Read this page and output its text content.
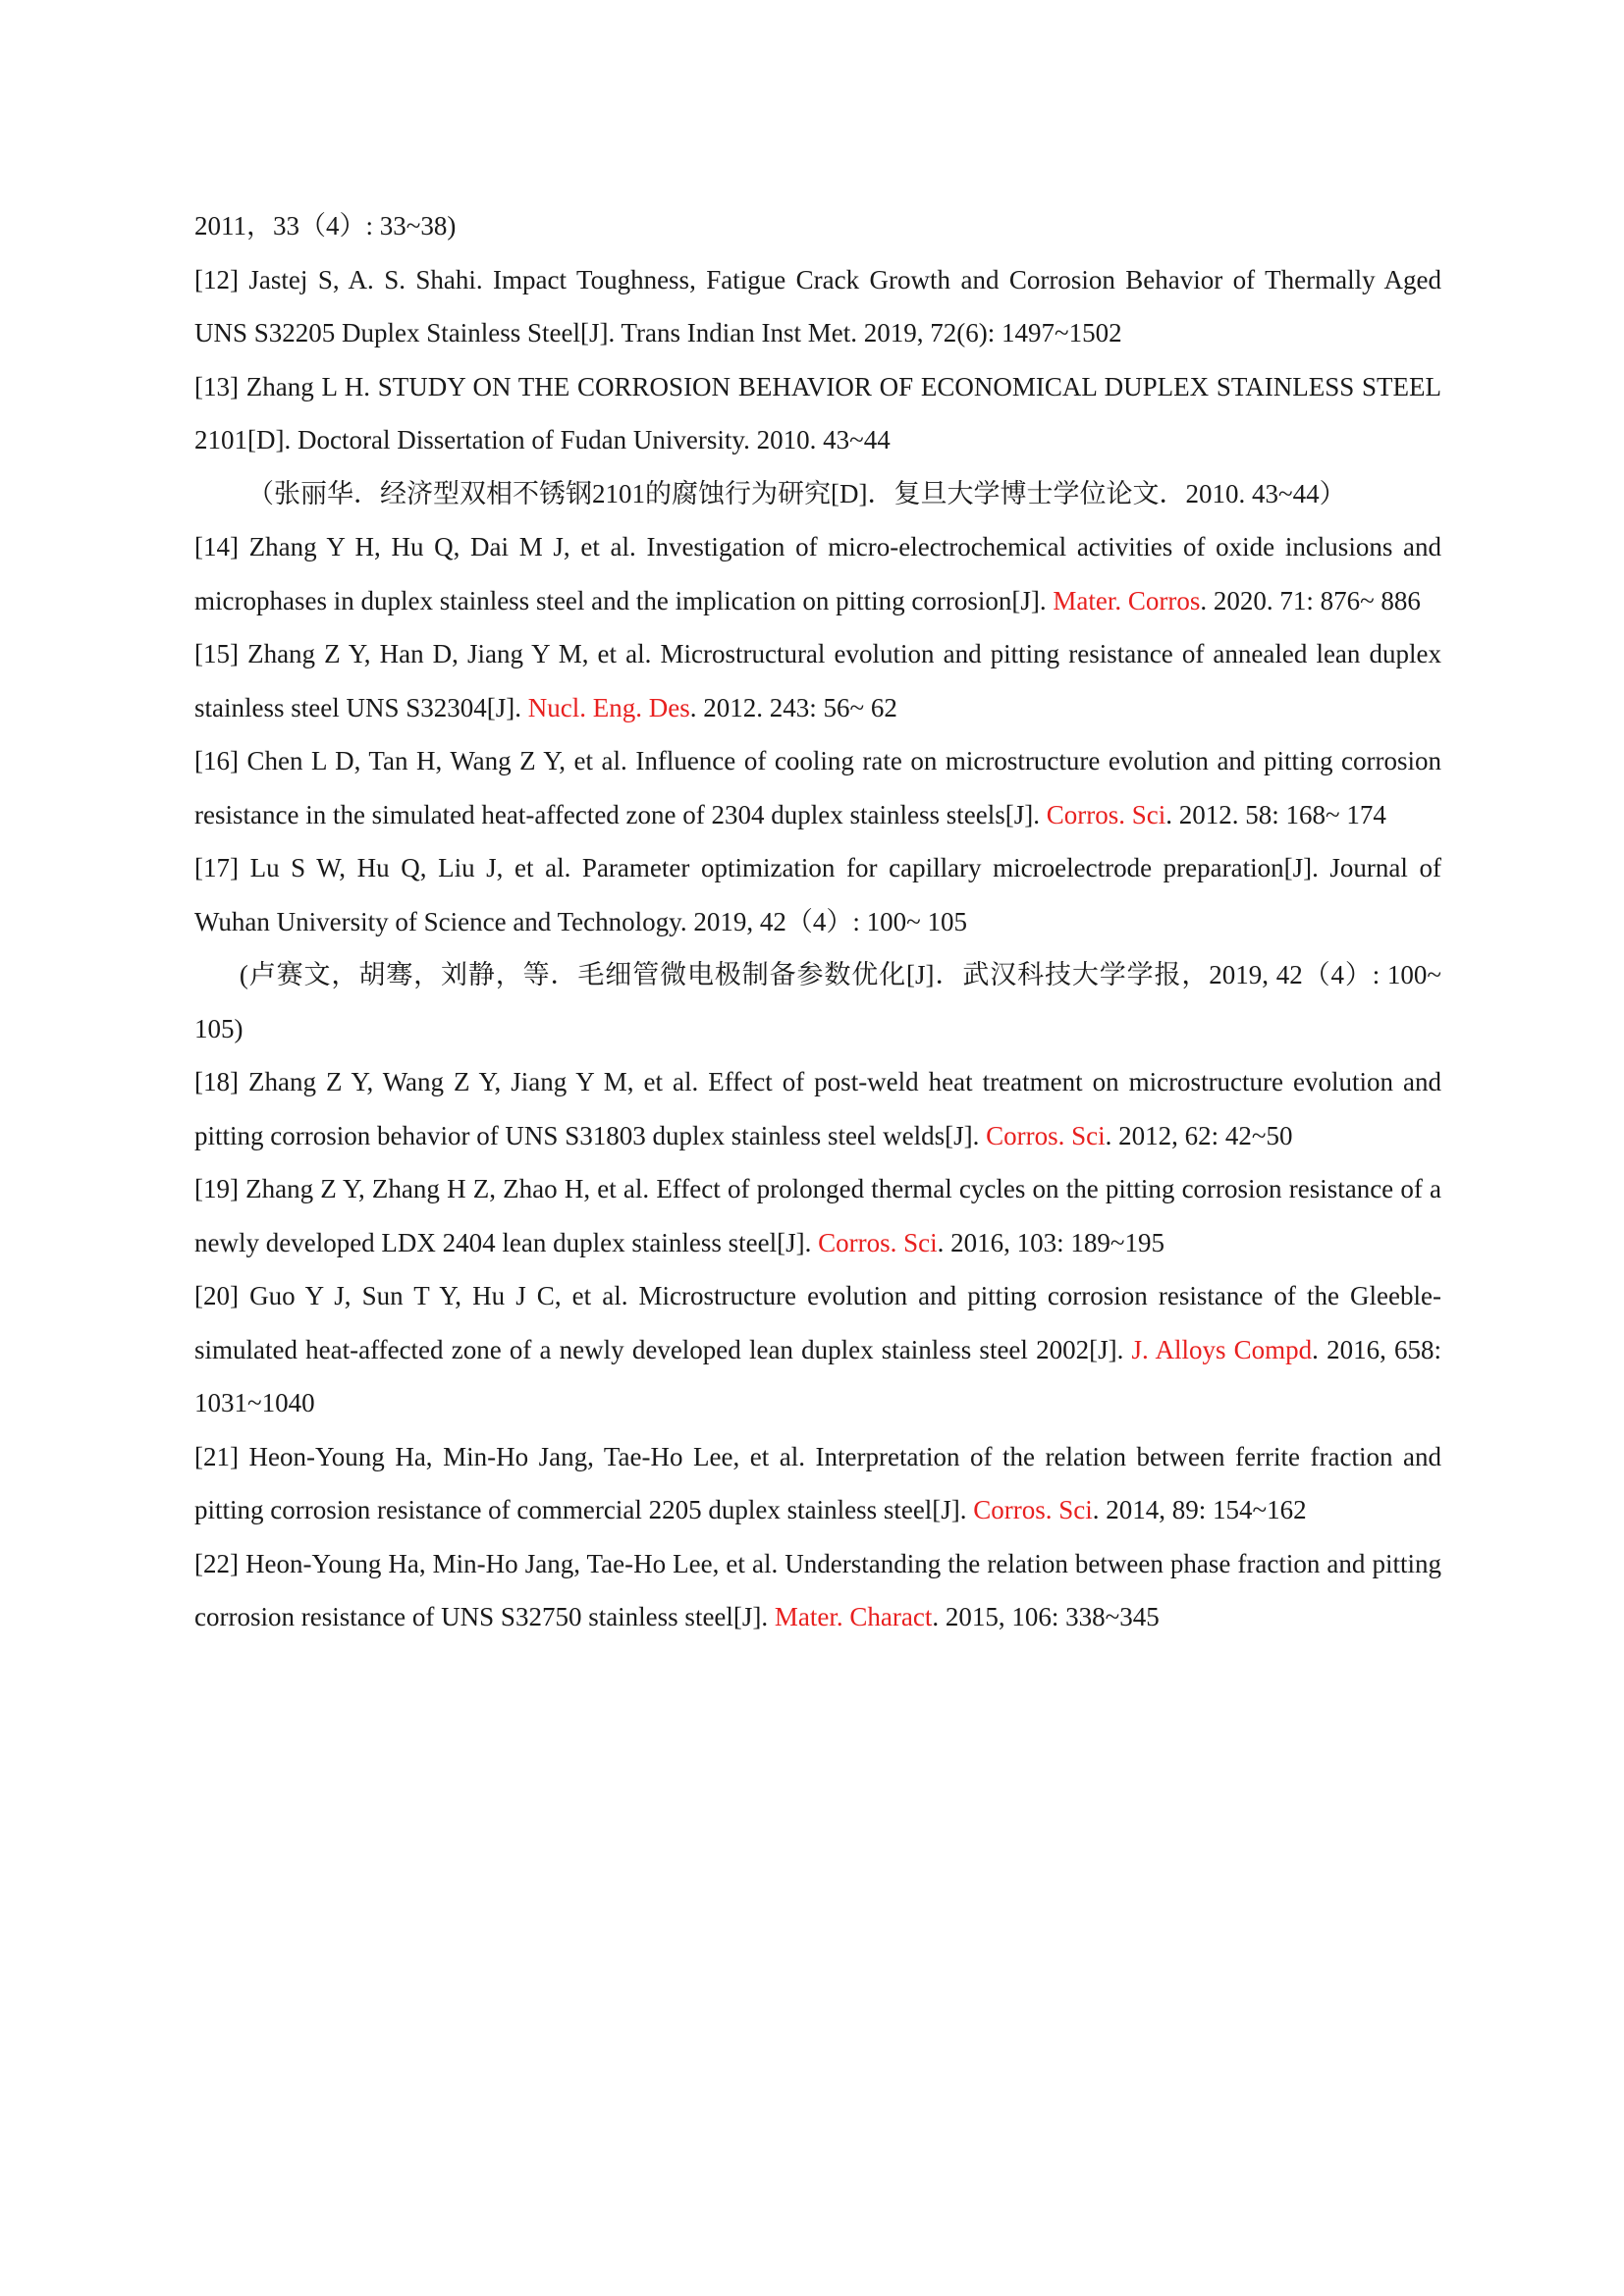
2011，33（4）: 33~38)

[12] Jastej S, A. S. Shahi. Impact Toughness, Fatigue Crack Growth and Corrosion Behavior of Thermally Aged UNS S32205 Duplex Stainless Steel[J]. Trans Indian Inst Met. 2019, 72(6): 1497~1502

[13] Zhang L H. STUDY ON THE CORROSION BEHAVIOR OF ECONOMICAL DUPLEX STAINLESS STEEL 2101[D]. Doctoral Dissertation of Fudan University. 2010. 43~44

（张丽华．经济型双相不锈钢2101的腐蚀行为研究[D]．复旦大学博士学位论文．2010. 43~44）

[14] Zhang Y H, Hu Q, Dai M J, et al. Investigation of micro‐electrochemical activities of oxide inclusions and microphases in duplex stainless steel and the implication on pitting corrosion[J]. Mater. Corros. 2020. 71: 876~ 886

[15] Zhang Z Y, Han D, Jiang Y M, et al. Microstructural evolution and pitting resistance of annealed lean duplex stainless steel UNS S32304[J]. Nucl. Eng. Des. 2012. 243: 56~ 62

[16] Chen L D, Tan H, Wang Z Y, et al. Influence of cooling rate on microstructure evolution and pitting corrosion resistance in the simulated heat-affected zone of 2304 duplex stainless steels[J]. Corros. Sci. 2012. 58: 168~ 174

[17] Lu S W, Hu Q, Liu J, et al. Parameter optimization for capillary microelectrode preparation[J]. Journal of Wuhan University of Science and Technology. 2019, 42（4）: 100~ 105

(卢赛文，胡骞，刘静，等．毛细管微电极制备参数优化[J]．武汉科技大学学报，2019, 42（4）: 100~ 105)

[18] Zhang Z Y, Wang Z Y, Jiang Y M, et al. Effect of post-weld heat treatment on microstructure evolution and pitting corrosion behavior of UNS S31803 duplex stainless steel welds[J]. Corros. Sci. 2012, 62: 42~50

[19] Zhang Z Y, Zhang H Z, Zhao H, et al. Effect of prolonged thermal cycles on the pitting corrosion resistance of a newly developed LDX 2404 lean duplex stainless steel[J]. Corros. Sci. 2016, 103: 189~195

[20] Guo Y J, Sun T Y, Hu J C, et al. Microstructure evolution and pitting corrosion resistance of the Gleeble-simulated heat-affected zone of a newly developed lean duplex stainless steel 2002[J]. J. Alloys Compd. 2016, 658: 1031~1040

[21] Heon-Young Ha, Min-Ho Jang, Tae-Ho Lee, et al. Interpretation of the relation between ferrite fraction and pitting corrosion resistance of commercial 2205 duplex stainless steel[J]. Corros. Sci. 2014, 89: 154~162

[22] Heon-Young Ha, Min-Ho Jang, Tae-Ho Lee, et al. Understanding the relation between phase fraction and pitting corrosion resistance of UNS S32750 stainless steel[J]. Mater. Charact. 2015, 106: 338~345
